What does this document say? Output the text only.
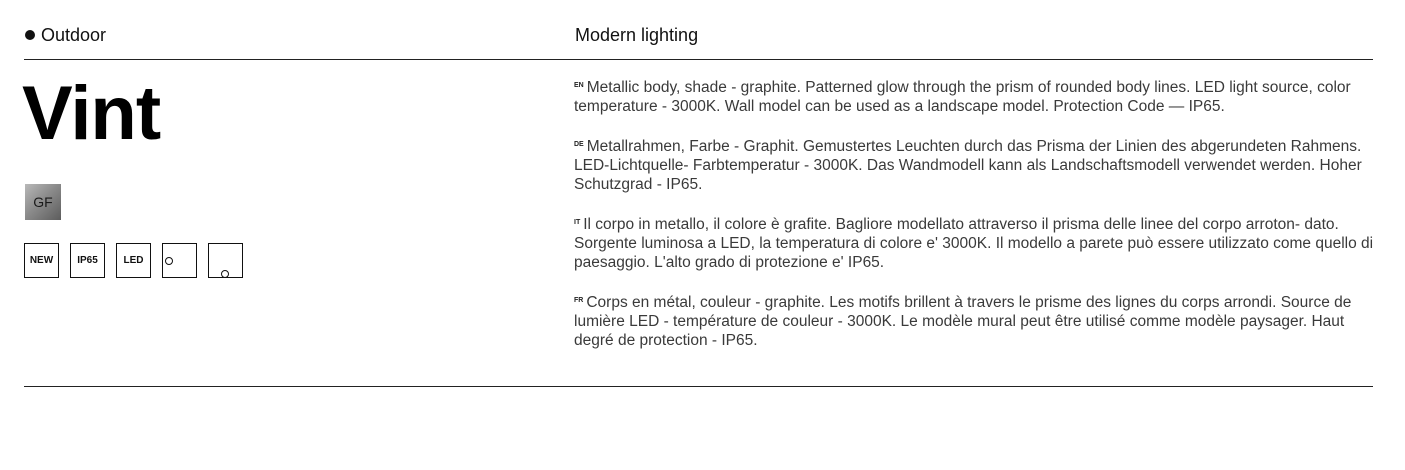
Outdoor	Modern lighting
Vint
GF
NEW	IP65	LED

$^{EN}$ Metallic body, shade - graphite. Patterned glow through the prism of rounded body lines. LED light source, color temperature - 3000K. Wall model can be used as a landscape model. Protection Code — IP65.

$^{DE}$ Metallrahmen, Farbe - Graphit. Gemustertes Leuchten durch das Prisma der Linien des abgerundeten Rahmens. LED-Lichtquelle- Farbtemperatur - 3000K. Das Wandmodell kann als Landschaftsmodell verwendet werden. Hoher Schutzgrad - IP65.

$^{IT}$ Il corpo in metallo, il colore è grafite. Bagliore modellato attraverso il prisma delle linee del corpo arroton- dato. Sorgente luminosa a LED, la temperatura di colore e' 3000K. Il modello a parete può essere utilizzato come quello di paesaggio. L'alto grado di protezione e' IP65.

$^{FR}$ Corps en métal, couleur - graphite. Les motifs brillent à travers le prisme des lignes du corps arrondi. Source de lumière LED - température de couleur - 3000K. Le modèle mural peut être utilisé comme modèle paysager. Haut degré de protection - IP65.
